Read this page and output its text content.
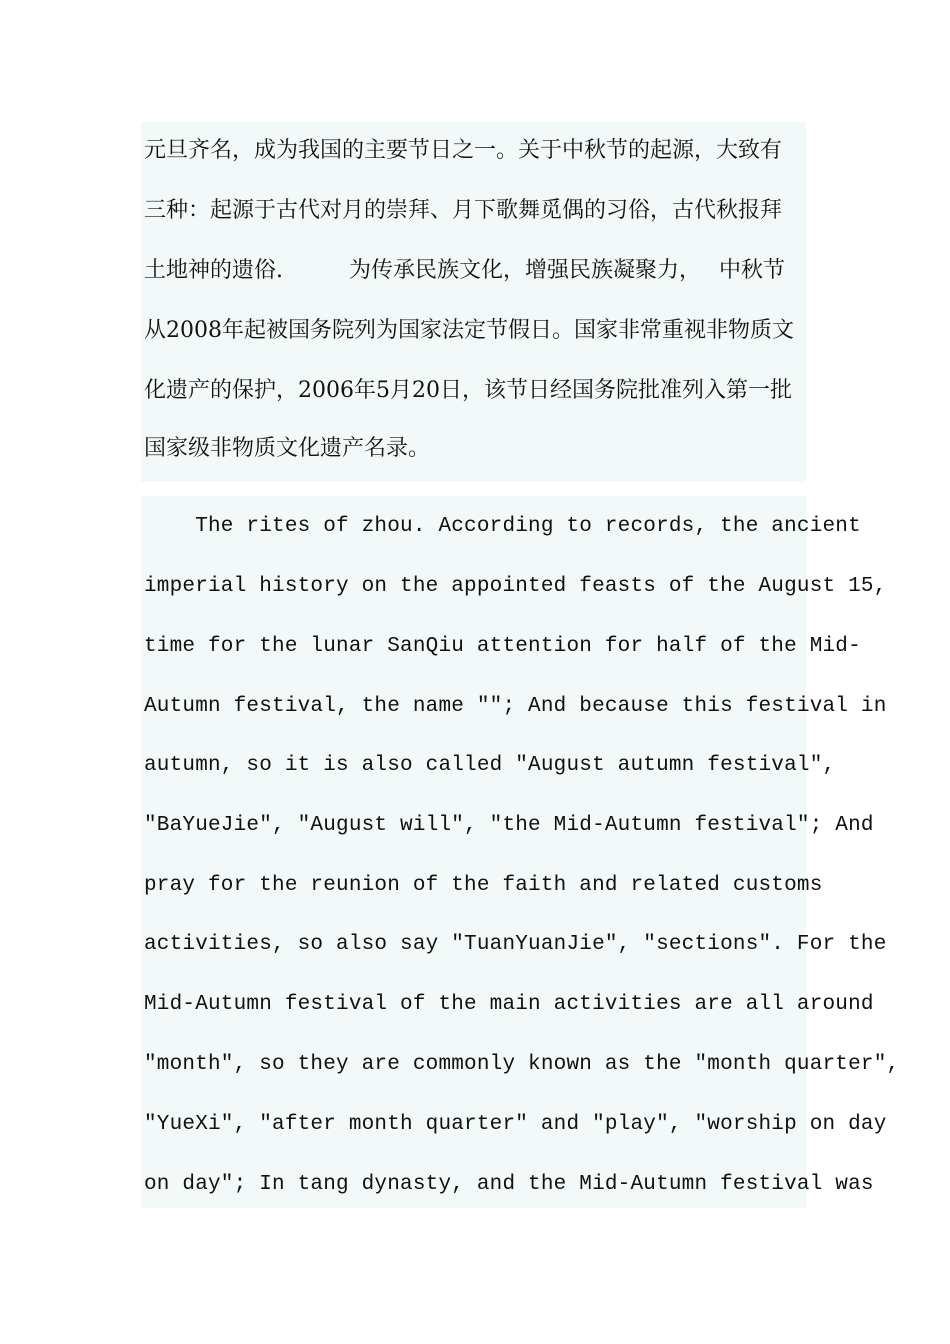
元旦齐名，成为我国的主要节日之一。关于中秋节的起源，大致有
三种：起源于古代对月的崇拜、月下歌舞觅偶的习俗，古代秋报拜
土地神的遗俗.　　　为传承民族文化，增强民族凝聚力，　 中秋节
从2008年起被国务院列为国家法定节假日。国家非常重视非物质文
化遗产的保护，2006年5月20日，该节日经国务院批准列入第一批
国家级非物质文化遗产名录。
The rites of zhou. According to records, the ancient
imperial history on the appointed feasts of the August 15,
time for the lunar SanQiu attention for half of the Mid-
Autumn festival, the name ""; And because this festival in
autumn, so it is also called "August autumn festival",
"BaYueJie", "August will", "the Mid-Autumn festival"; And
pray for the reunion of the faith and related customs
activities, so also say "TuanYuanJie", "sections". For the
Mid-Autumn festival of the main activities are all around
"month", so they are commonly known as the "month quarter",
"YueXi", "after month quarter" and "play", "worship on day
on day"; In tang dynasty, and the Mid-Autumn festival was
